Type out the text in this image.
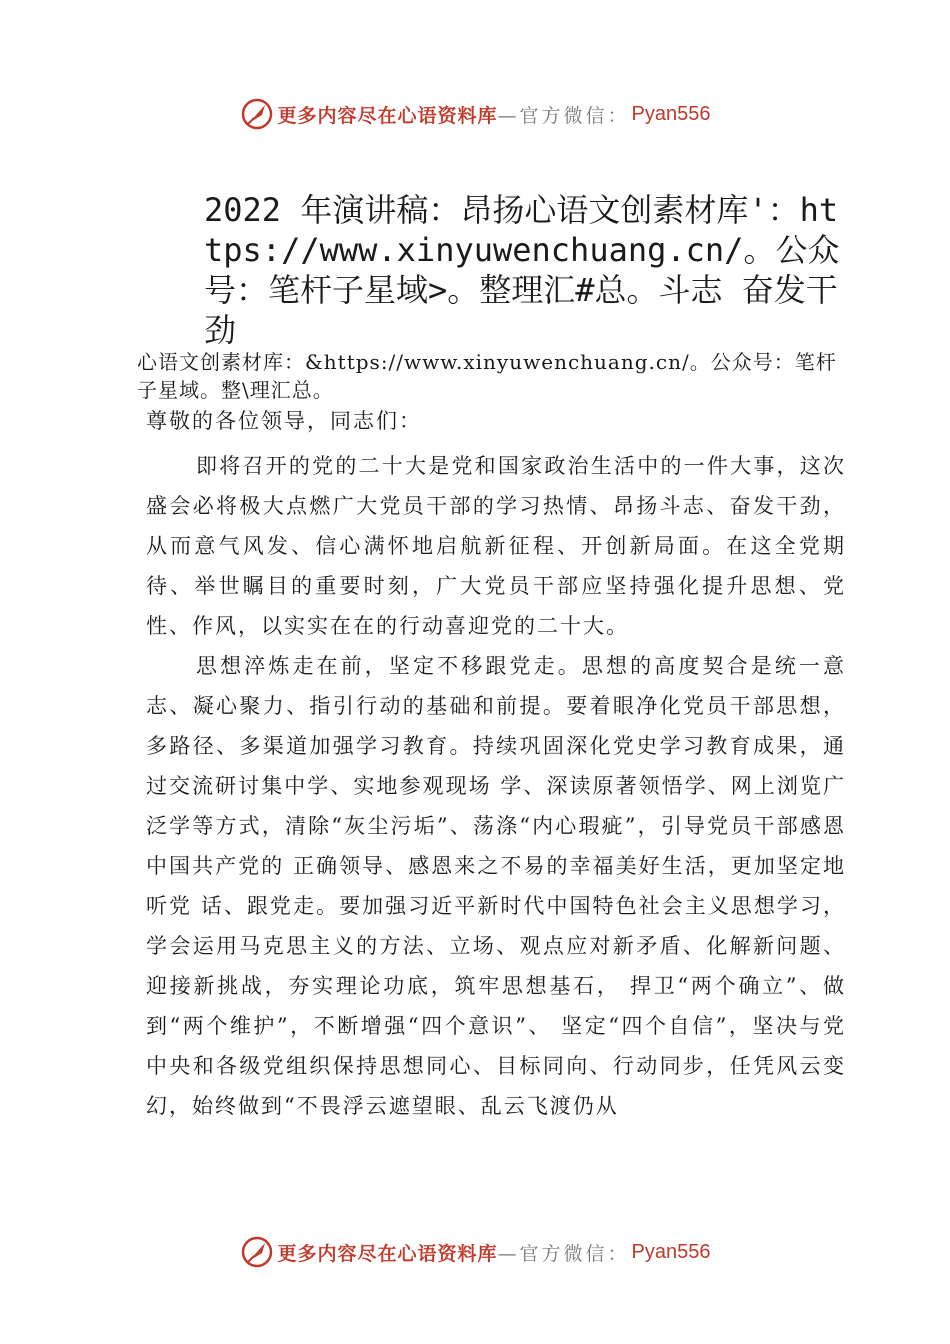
更多内容尽在心语资料库 —官方微信： Pyan556
2022 年演讲稿：昂扬心语文创素材库'：https://www.xinyuwenchuang.cn/。公众号：笔杆子星域>。整理汇#总。斗志 奋发干劲
心语文创素材库：&https://www.xinyuwenchuang.cn/。公众号：笔杆子星域。整\理汇总。
尊敬的各位领导，同志们：

即将召开的党的二十大是党和国家政治生活中的一件大事，这次盛会必将极大点燃广大党员干部的学习热情、昂扬斗志、奋发干劲，从而意气风发、信心满怀地启航新征程、开创新局面。在这全党期待、举世瞩目的重要时刻，广大党员干部应坚持强化提升思想、党性、作风，以实实在在的行动喜迎党的二十大。

思想淬炼走在前，坚定不移跟党走。思想的高度契合是统一意志、凝心聚力、指引行动的基础和前提。要着眼净化党员干部思想，多路径、多渠道加强学习教育。持续巩固深化党史学习教育成果，通过交流研讨集中学、实地参观现场 学、深读原著领悟学、网上浏览广泛学等方式，清除“灰尘污垢”、荡涤“内心瑕疵”，引导党员干部感恩中国共产党的 正确领导、感恩来之不易的幸福美好生活，更加坚定地听党 话、跟党走。要加强习近平新时代中国特色社会主义思想学习，学会运用马克思主义的方法、立场、观点应对新矛盾、化解新问题、迎接新挑战，夯实理论功底，筑牢思想基石， 捍卫“两个确立”、做到“两个维护”，不断增强“四个意识”、 坚定“四个自信”，坚决与党中央和各级党组织保持思想同心、目标同向、行动同步，任凭风云变幻，始终做到“不畏浮云遮望眼、乱云飞渡仍从

更多内容尽在心语资料库 —官方微信： Pyan556
